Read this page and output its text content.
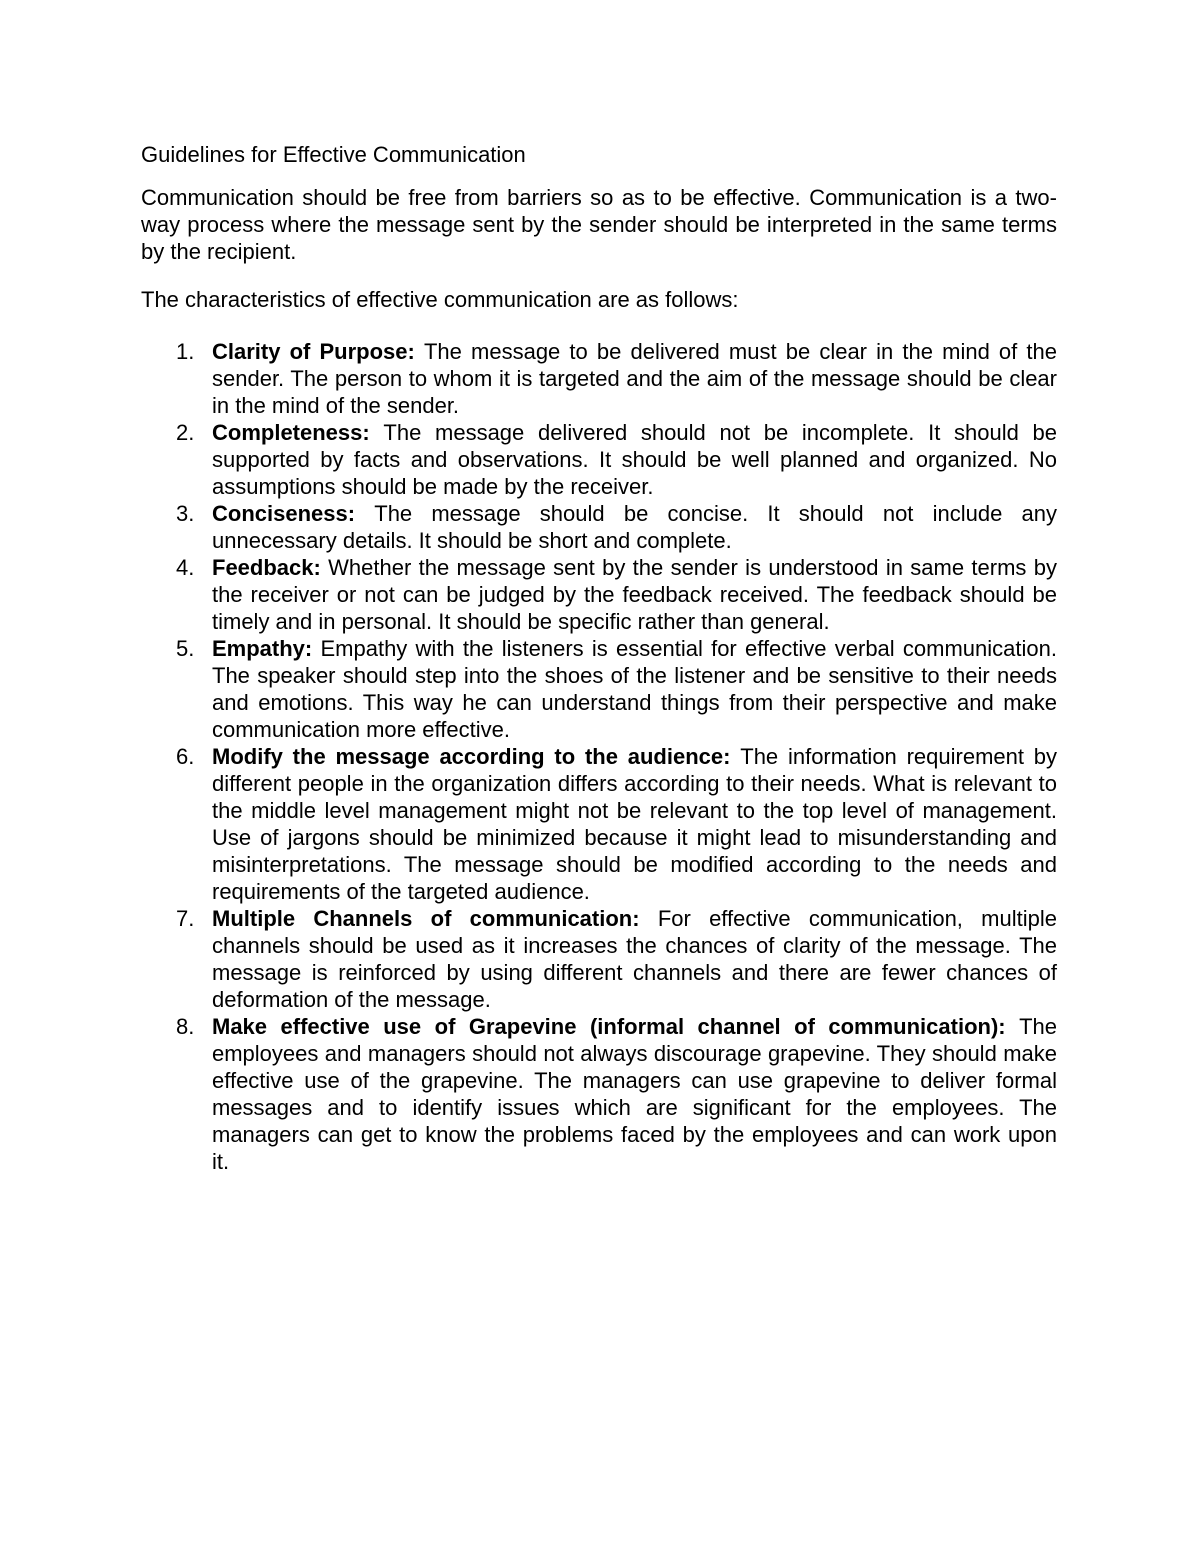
Guidelines for Effective Communication

Communication should be free from barriers so as to be effective. Communication is a two-way process where the message sent by the sender should be interpreted in the same terms by the recipient.

The characteristics of effective communication are as follows:

1. Clarity of Purpose: The message to be delivered must be clear in the mind of the sender. The person to whom it is targeted and the aim of the message should be clear in the mind of the sender.
2. Completeness: The message delivered should not be incomplete. It should be supported by facts and observations. It should be well planned and organized. No assumptions should be made by the receiver.
3. Conciseness: The message should be concise. It should not include any unnecessary details. It should be short and complete.
4. Feedback: Whether the message sent by the sender is understood in same terms by the receiver or not can be judged by the feedback received. The feedback should be timely and in personal. It should be specific rather than general.
5. Empathy: Empathy with the listeners is essential for effective verbal communication. The speaker should step into the shoes of the listener and be sensitive to their needs and emotions. This way he can understand things from their perspective and make communication more effective.
6. Modify the message according to the audience: The information requirement by different people in the organization differs according to their needs. What is relevant to the middle level management might not be relevant to the top level of management. Use of jargons should be minimized because it might lead to misunderstanding and misinterpretations. The message should be modified according to the needs and requirements of the targeted audience.
7. Multiple Channels of communication: For effective communication, multiple channels should be used as it increases the chances of clarity of the message. The message is reinforced by using different channels and there are fewer chances of deformation of the message.
8. Make effective use of Grapevine (informal channel of communication): The employees and managers should not always discourage grapevine. They should make effective use of the grapevine. The managers can use grapevine to deliver formal messages and to identify issues which are significant for the employees. The managers can get to know the problems faced by the employees and can work upon it.
